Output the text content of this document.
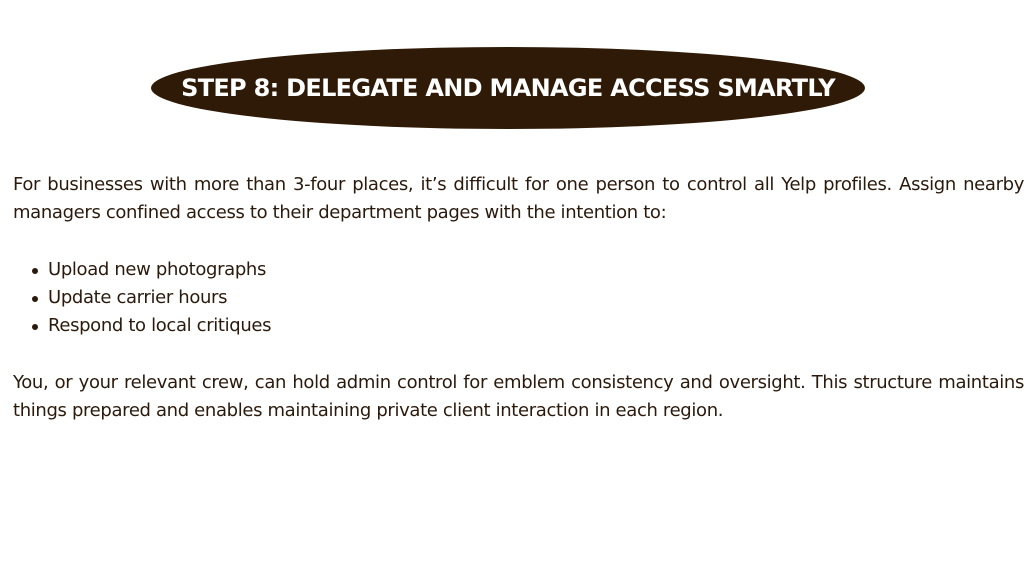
STEP 8: DELEGATE AND MANAGE ACCESS SMARTLY

For businesses with more than 3-four places, it’s difficult for one person to control all Yelp profiles. Assign nearby managers confined access to their department pages with the intention to:

Upload new photographs
Update carrier hours
Respond to local critiques

You, or your relevant crew, can hold admin control for emblem consistency and oversight. This structure maintains things prepared and enables maintaining private client interaction in each region.
